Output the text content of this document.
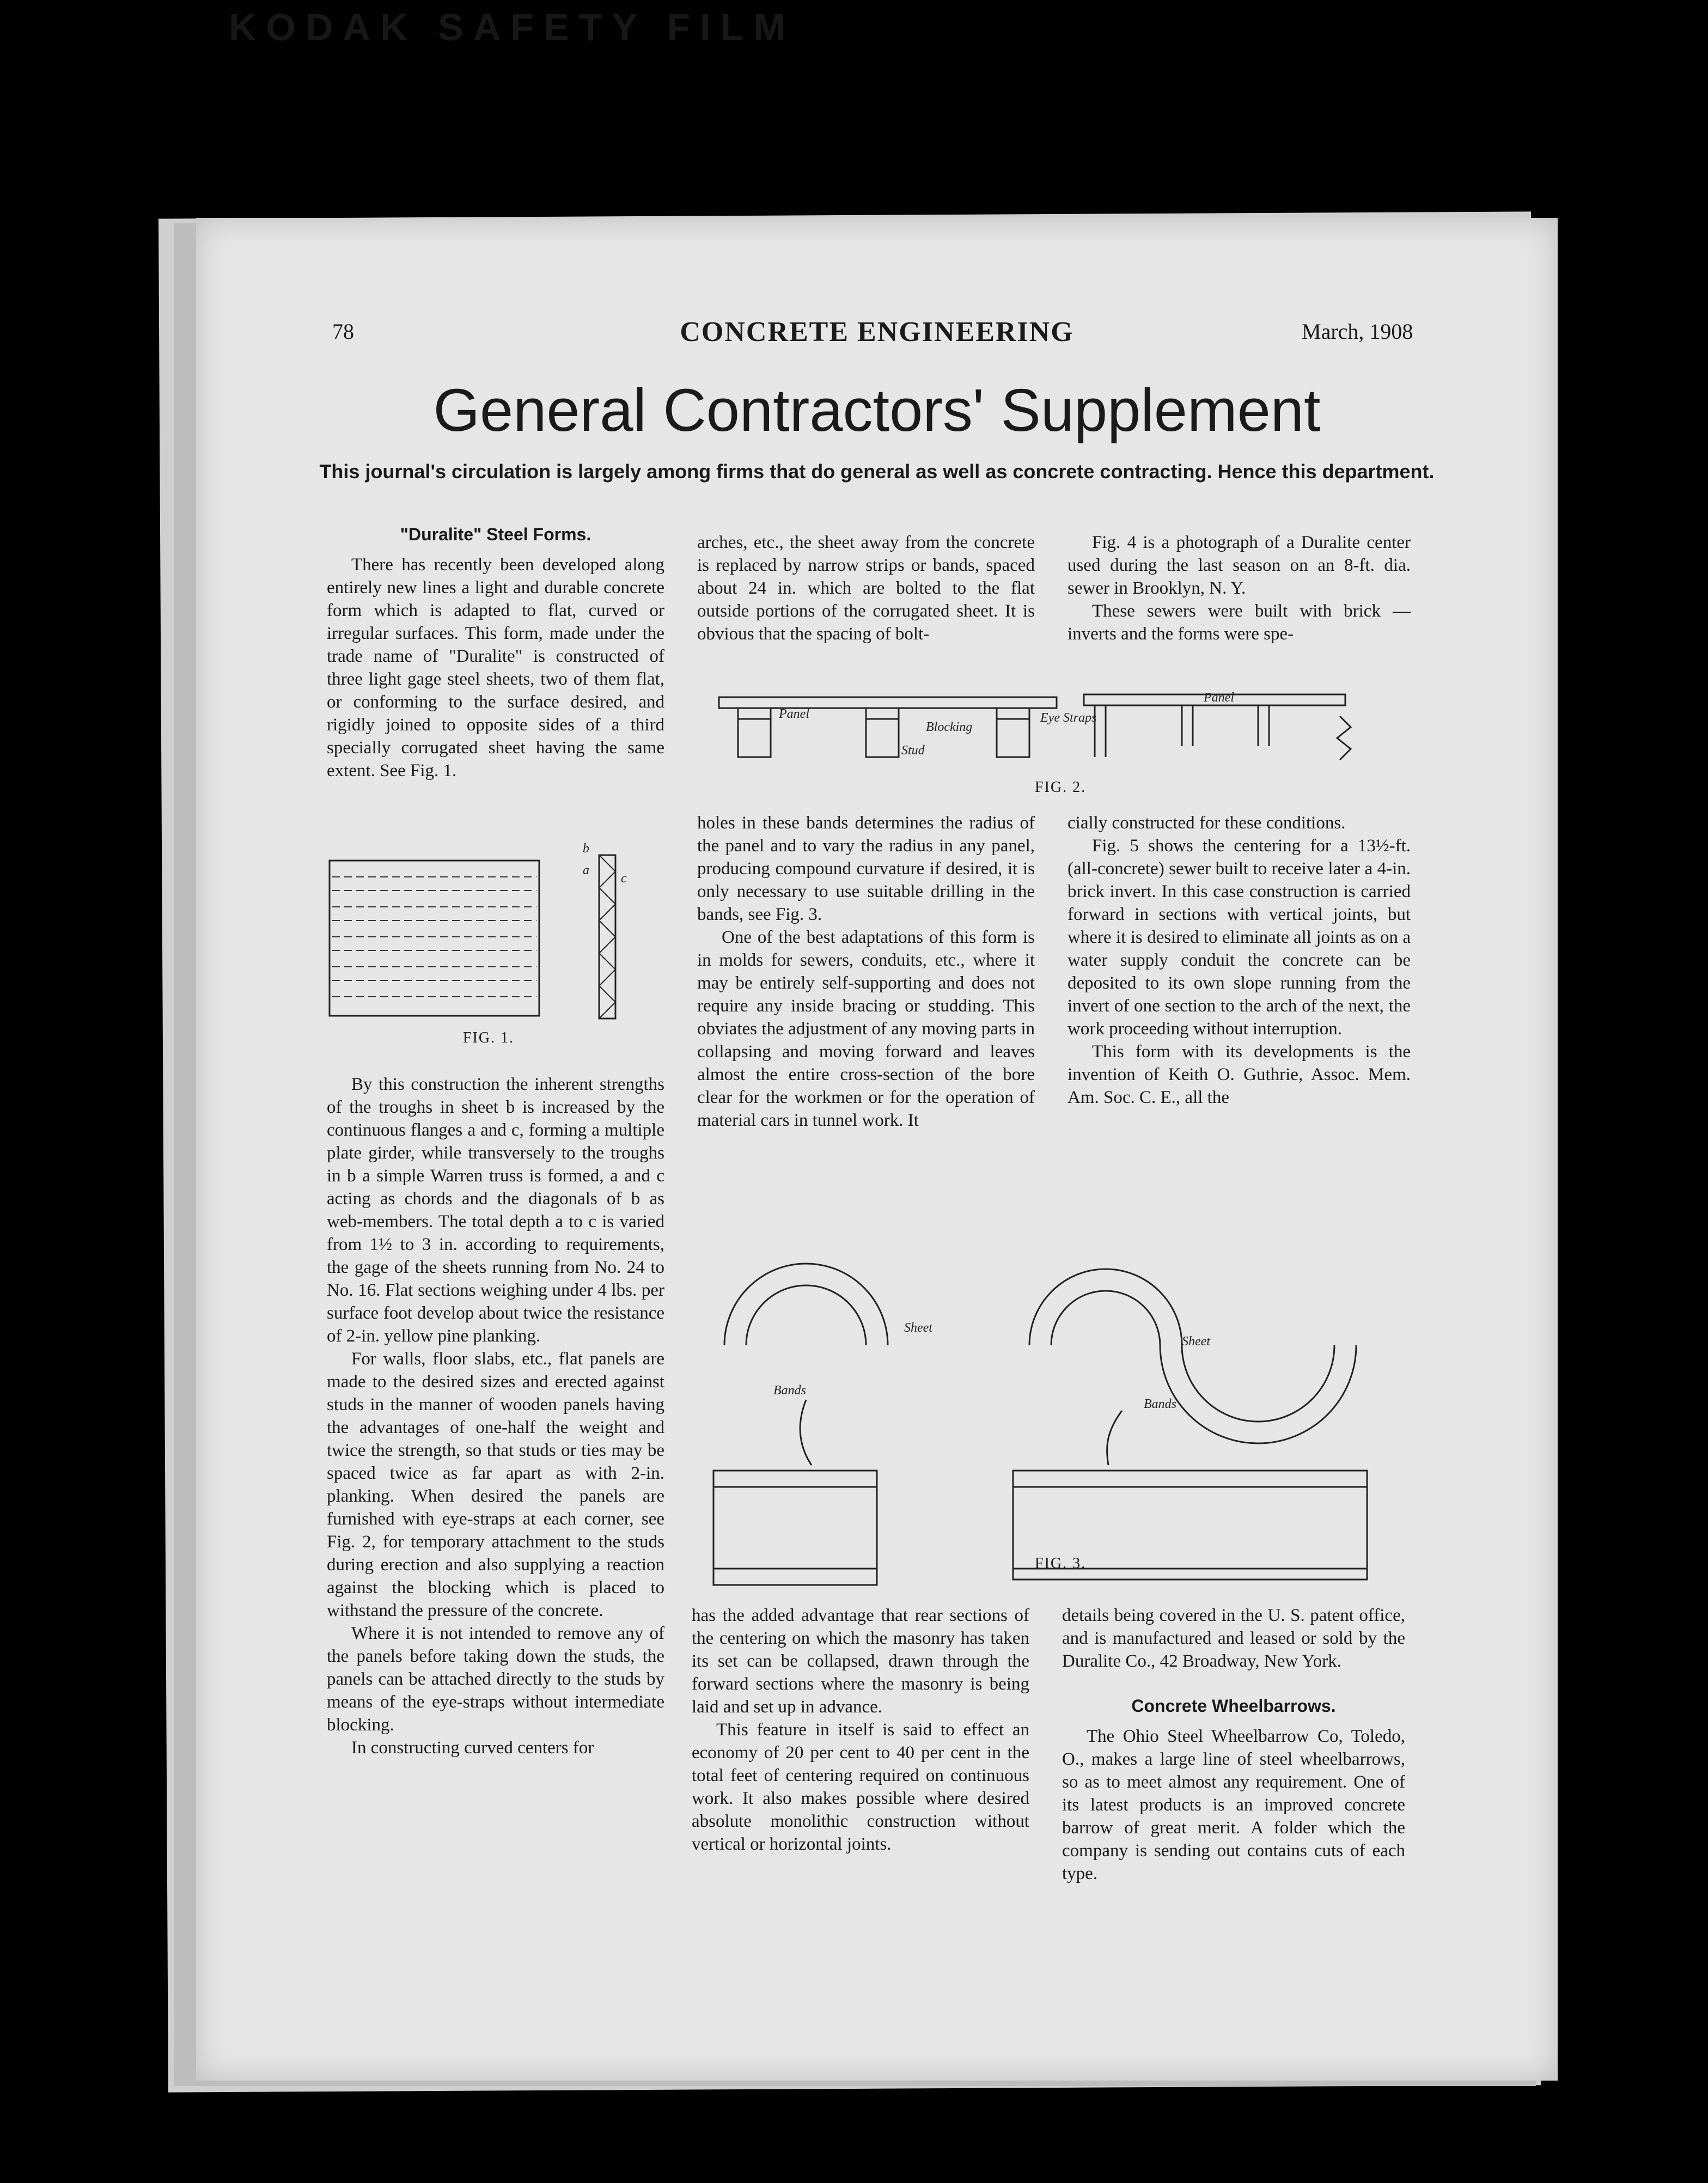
KODAK SAFETY FILM
78	CONCRETE ENGINEERING	March, 1908
General Contractors' Supplement
This journal's circulation is largely among firms that do general as well as concrete contracting. Hence this department.
"Duralite" Steel Forms.

There has recently been developed along entirely new lines a light and durable concrete form which is adapted to flat, curved or irregular surfaces. This form, made under the trade name of "Duralite" is constructed of three light gage steel sheets, two of them flat, or conforming to the surface desired, and rigidly joined to opposite sides of a third specially corrugated sheet having the same extent. See Fig. 1.

b
a
c
FIG. 1.

By this construction the inherent strengths of the troughs in sheet b is increased by the continuous flanges a and c, forming a multiple plate girder, while transversely to the troughs in b a simple Warren truss is formed, a and c acting as chords and the diagonals of b as web-members. The total depth a to c is varied from 1½ to 3 in. according to requirements, the gage of the sheets running from No. 24 to No. 16. Flat sections weighing under 4 lbs. per surface foot develop about twice the resistance of 2-in. yellow pine planking.

For walls, floor slabs, etc., flat panels are made to the desired sizes and erected against studs in the manner of wooden panels having the advantages of one-half the weight and twice the strength, so that studs or ties may be spaced twice as far apart as with 2-in. planking. When desired the panels are furnished with eye-straps at each corner, see Fig. 2, for temporary attachment to the studs during erection and also supplying a reaction against the blocking which is placed to withstand the pressure of the concrete.

Where it is not intended to remove any of the panels before taking down the studs, the panels can be attached directly to the studs by means of the eye-straps without intermediate blocking.

In constructing curved centers for

arches, etc., the sheet away from the concrete is replaced by narrow strips or bands, spaced about 24 in. which are bolted to the flat outside portions of the corrugated sheet. It is obvious that the spacing of bolt-

Fig. 4 is a photograph of a Duralite center used during the last season on an 8-ft. dia. sewer in Brooklyn, N. Y.

These sewers were built with brick —inverts and the forms were spe-

Panel
Blocking
Stud
Eye Straps
Panel
FIG. 2.

holes in these bands determines the radius of the panel and to vary the radius in any panel, producing compound curvature if desired, it is only necessary to use suitable drilling in the bands, see Fig. 3.

One of the best adaptations of this form is in molds for sewers, conduits, etc., where it may be entirely self-supporting and does not require any inside bracing or studding. This obviates the adjustment of any moving parts in collapsing and moving forward and leaves almost the entire cross-section of the bore clear for the workmen or for the operation of material cars in tunnel work. It

cially constructed for these conditions.

Fig. 5 shows the centering for a 13½-ft. (all-concrete) sewer built to receive later a 4-in. brick invert. In this case construction is carried forward in sections with vertical joints, but where it is desired to eliminate all joints as on a water supply conduit the concrete can be deposited to its own slope running from the invert of one section to the arch of the next, the work proceeding without interruption.

This form with its developments is the invention of Keith O. Guthrie, Assoc. Mem. Am. Soc. C. E., all the

Sheet
Bands
Sheet
Bands
FIG. 3.

has the added advantage that rear sections of the centering on which the masonry has taken its set can be collapsed, drawn through the forward sections where the masonry is being laid and set up in advance.

This feature in itself is said to effect an economy of 20 per cent to 40 per cent in the total feet of centering required on continuous work. It also makes possible where desired absolute monolithic construction without vertical or horizontal joints.

details being covered in the U. S. patent office, and is manufactured and leased or sold by the Duralite Co., 42 Broadway, New York.

Concrete Wheelbarrows.

The Ohio Steel Wheelbarrow Co, Toledo, O., makes a large line of steel wheelbarrows, so as to meet almost any requirement. One of its latest products is an improved concrete barrow of great merit. A folder which the company is sending out contains cuts of each type.
